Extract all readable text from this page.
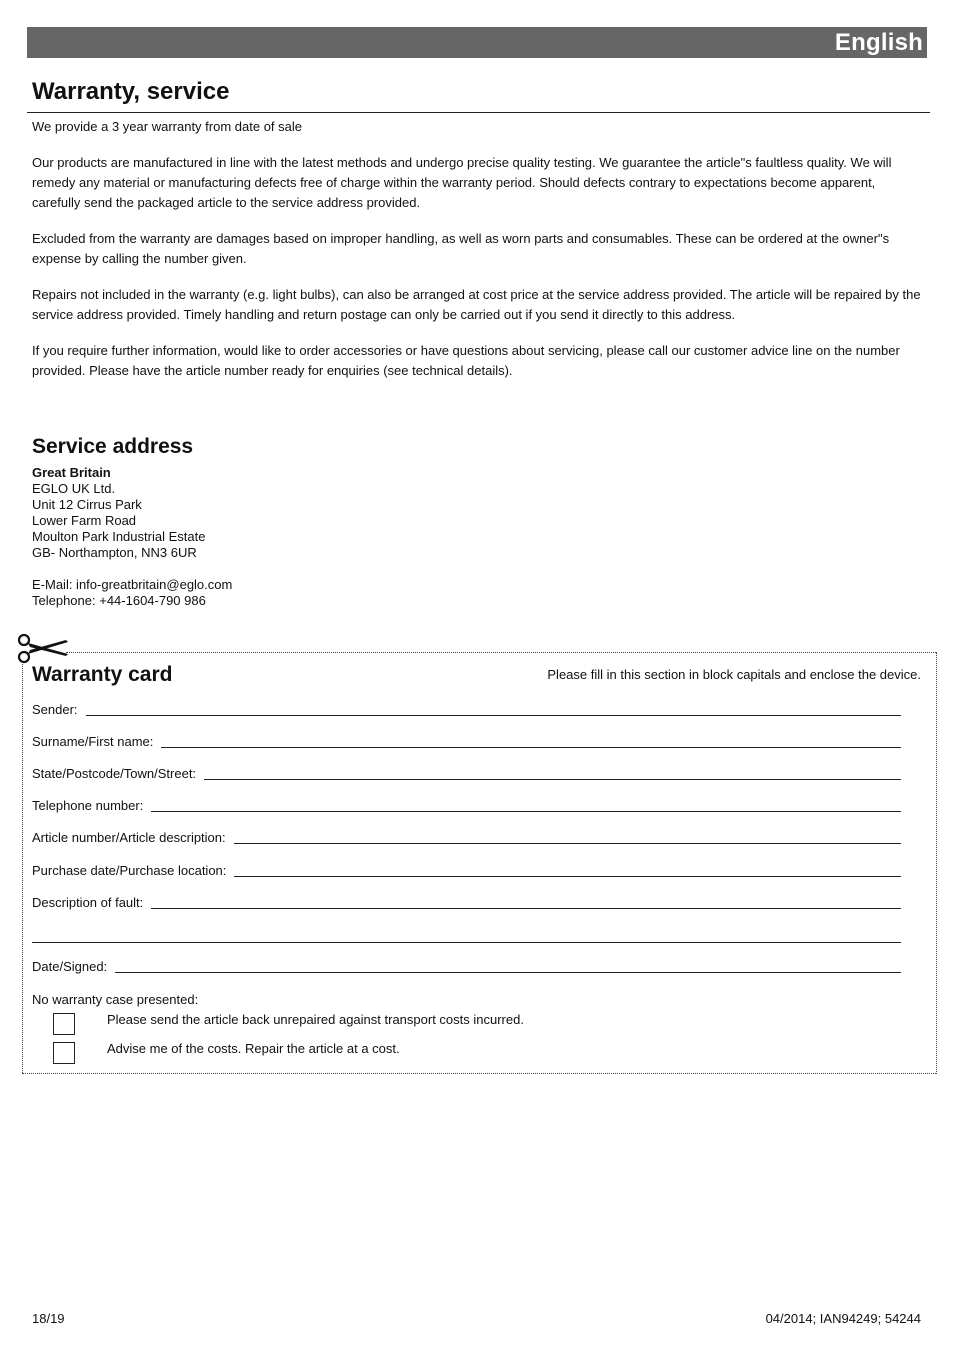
English
Warranty, service

We provide a 3 year warranty from date of sale

Our products are manufactured in line with the latest methods and undergo precise quality testing. We guarantee the article"s faultless quality. We will remedy any material or manufacturing defects free of charge within the warranty period. Should defects contrary to expectations become apparent, carefully send the packaged article to the service address provided.

Excluded from the warranty are damages based on improper handling, as well as worn parts and consumables. These can be ordered at the owner"s expense by calling the number given.

Repairs not included in the warranty (e.g. light bulbs), can also be arranged at cost price at the service address provided. The article will be repaired by the service address provided. Timely handling and return postage can only be carried out if you send it directly to this address.

If you require further information, would like to order accessories or have questions about servicing, please call our customer advice line on the number provided. Please have the article number ready for enquiries (see technical details).

Service address
Great Britain
EGLO UK Ltd.
Unit 12 Cirrus Park
Lower Farm Road
Moulton Park Industrial Estate
GB- Northampton, NN3 6UR
E-Mail: info-greatbritain@eglo.com
Telephone: +44-1604-790 986
Warranty card	Please fill in this section in block capitals and enclose the device.
Sender:
Surname/First name:
State/Postcode/Town/Street:
Telephone number:
Article number/Article description:
Purchase date/Purchase location:
Description of fault:
Date/Signed:
No warranty case presented:
Please send the article back unrepaired against transport costs incurred.
Advise me of the costs. Repair the article at a cost.
18/19	04/2014; IAN94249; 54244
